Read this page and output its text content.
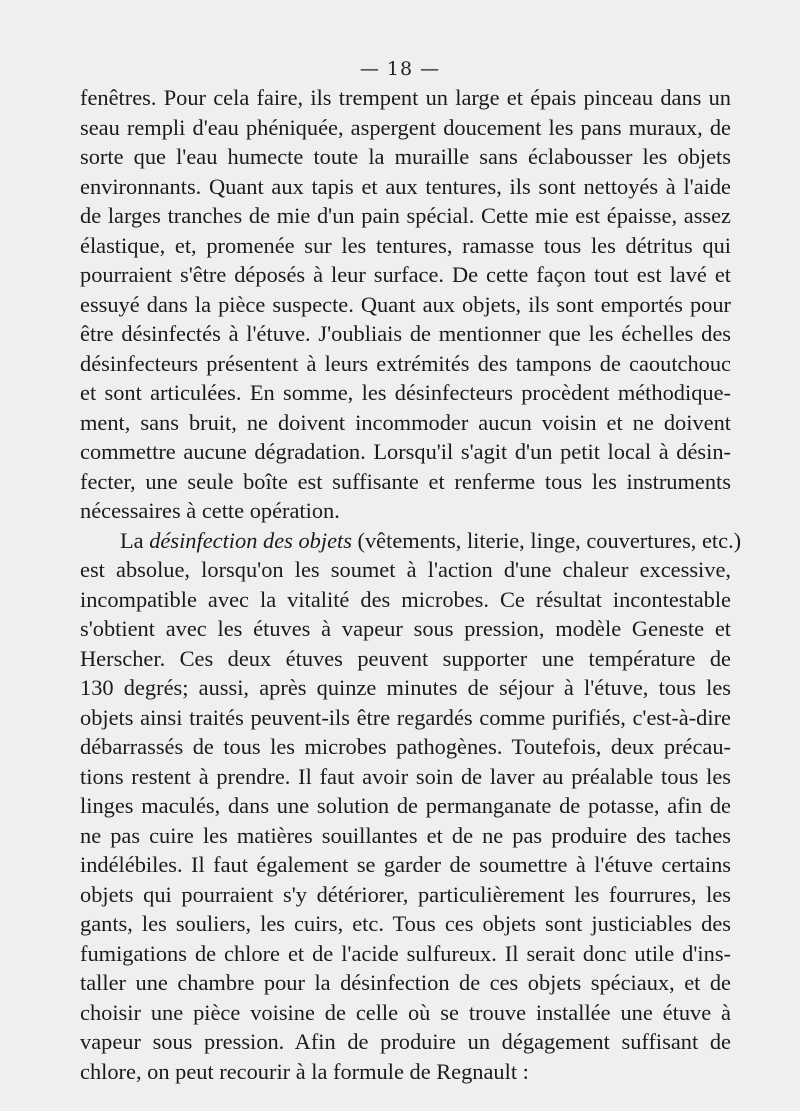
— 18 —
fenêtres. Pour cela faire, ils trempent un large et épais pinceau dans un
seau rempli d'eau phéniquée, aspergent doucement les pans muraux, de
sorte que l'eau humecte toute la muraille sans éclabousser les objets
environnants. Quant aux tapis et aux tentures, ils sont nettoyés à l'aide
de larges tranches de mie d'un pain spécial. Cette mie est épaisse, assez
élastique, et, promenée sur les tentures, ramasse tous les détritus qui
pourraient s'être déposés à leur surface. De cette façon tout est lavé et
essuyé dans la pièce suspecte. Quant aux objets, ils sont emportés pour
être désinfectés à l'étuve. J'oubliais de mentionner que les échelles des
désinfecteurs présentent à leurs extrémités des tampons de caoutchouc
et sont articulées. En somme, les désinfecteurs procèdent méthodique-
ment, sans bruit, ne doivent incommoder aucun voisin et ne doivent
commettre aucune dégradation. Lorsqu'il s'agit d'un petit local à désin-
fecter, une seule boîte est suffisante et renferme tous les instruments
nécessaires à cette opération.
La désinfection des objets (vêtements, literie, linge, couvertures, etc.)
est absolue, lorsqu'on les soumet à l'action d'une chaleur excessive,
incompatible avec la vitalité des microbes. Ce résultat incontestable
s'obtient avec les étuves à vapeur sous pression, modèle Geneste et
Herscher. Ces deux étuves peuvent supporter une température de
130 degrés; aussi, après quinze minutes de séjour à l'étuve, tous les
objets ainsi traités peuvent-ils être regardés comme purifiés, c'est-à-dire
débarrassés de tous les microbes pathogènes. Toutefois, deux précau-
tions restent à prendre. Il faut avoir soin de laver au préalable tous les
linges maculés, dans une solution de permanganate de potasse, afin de
ne pas cuire les matières souillantes et de ne pas produire des taches
indélébiles. Il faut également se garder de soumettre à l'étuve certains
objets qui pourraient s'y détériorer, particulièrement les fourrures, les
gants, les souliers, les cuirs, etc. Tous ces objets sont justiciables des
fumigations de chlore et de l'acide sulfureux. Il serait donc utile d'ins-
taller une chambre pour la désinfection de ces objets spéciaux, et de
choisir une pièce voisine de celle où se trouve installée une étuve à
vapeur sous pression. Afin de produire un dégagement suffisant de
chlore, on peut recourir à la formule de Regnault :
